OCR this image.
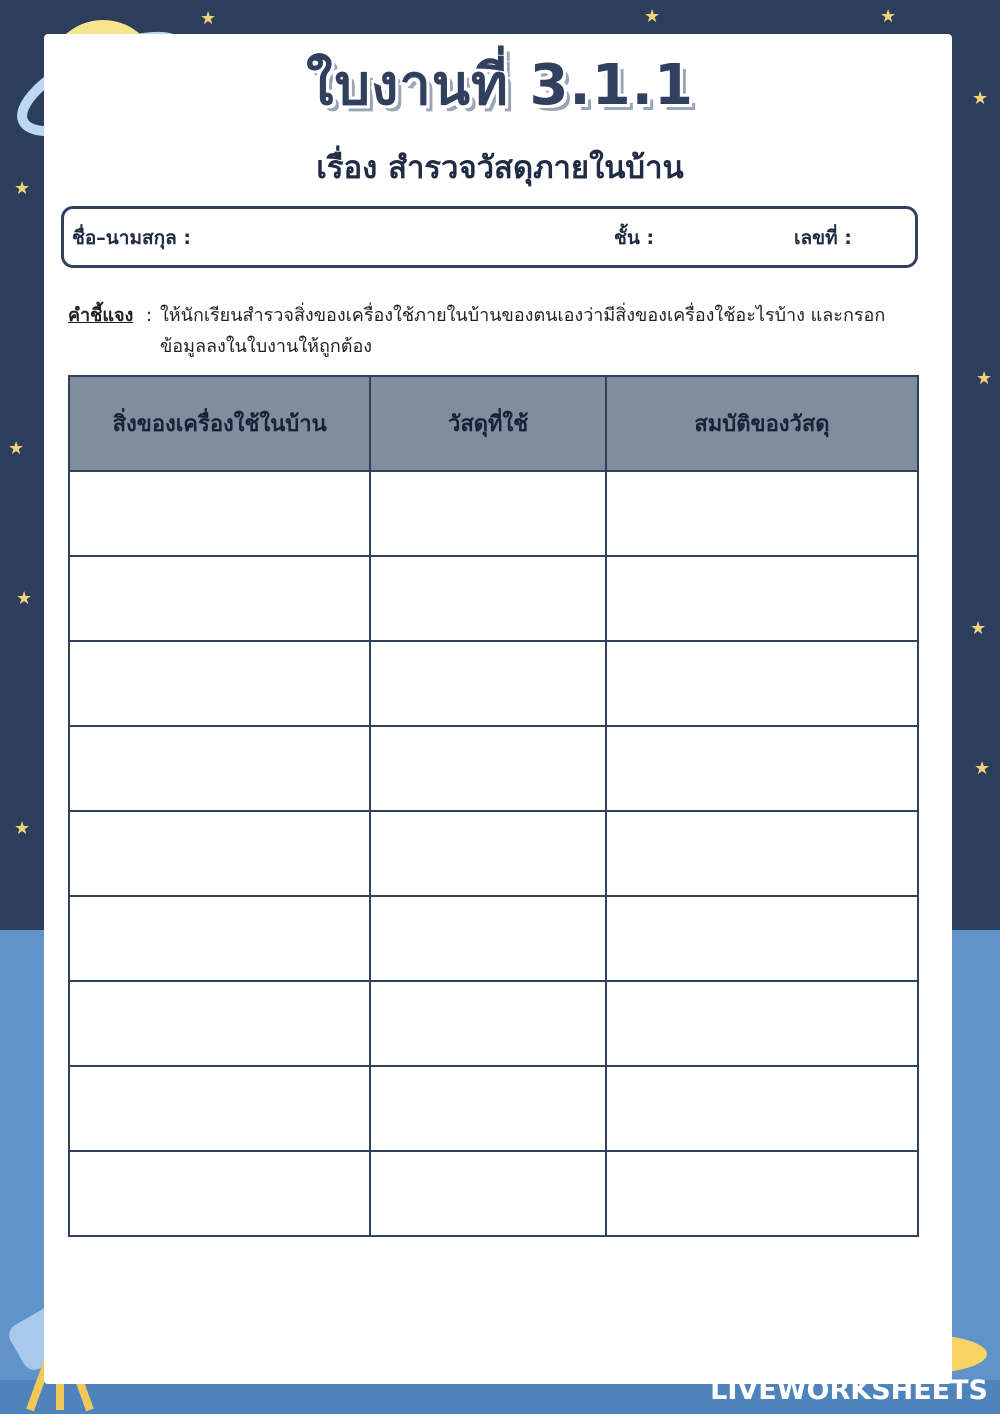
★
★
★
★
★
★
★
★
★	★
★
ใบงานที่ 3.1.1
เรื่อง สำรวจวัสดุภายในบ้าน
ชื่อ–นามสกุล :	ชั้น :	เลขที่ :
คำชี้แจง : ให้นักเรียนสำรวจสิ่งของเครื่องใช้ภายในบ้านของตนเองว่ามีสิ่งของเครื่องใช้อะไรบ้าง และกรอกข้อมูลลงในใบงานให้ถูกต้อง
สิ่งของเครื่องใช้ในบ้าน	วัสดุที่ใช้	สมบัติของวัสดุ

LIVEWORKSHEETS
